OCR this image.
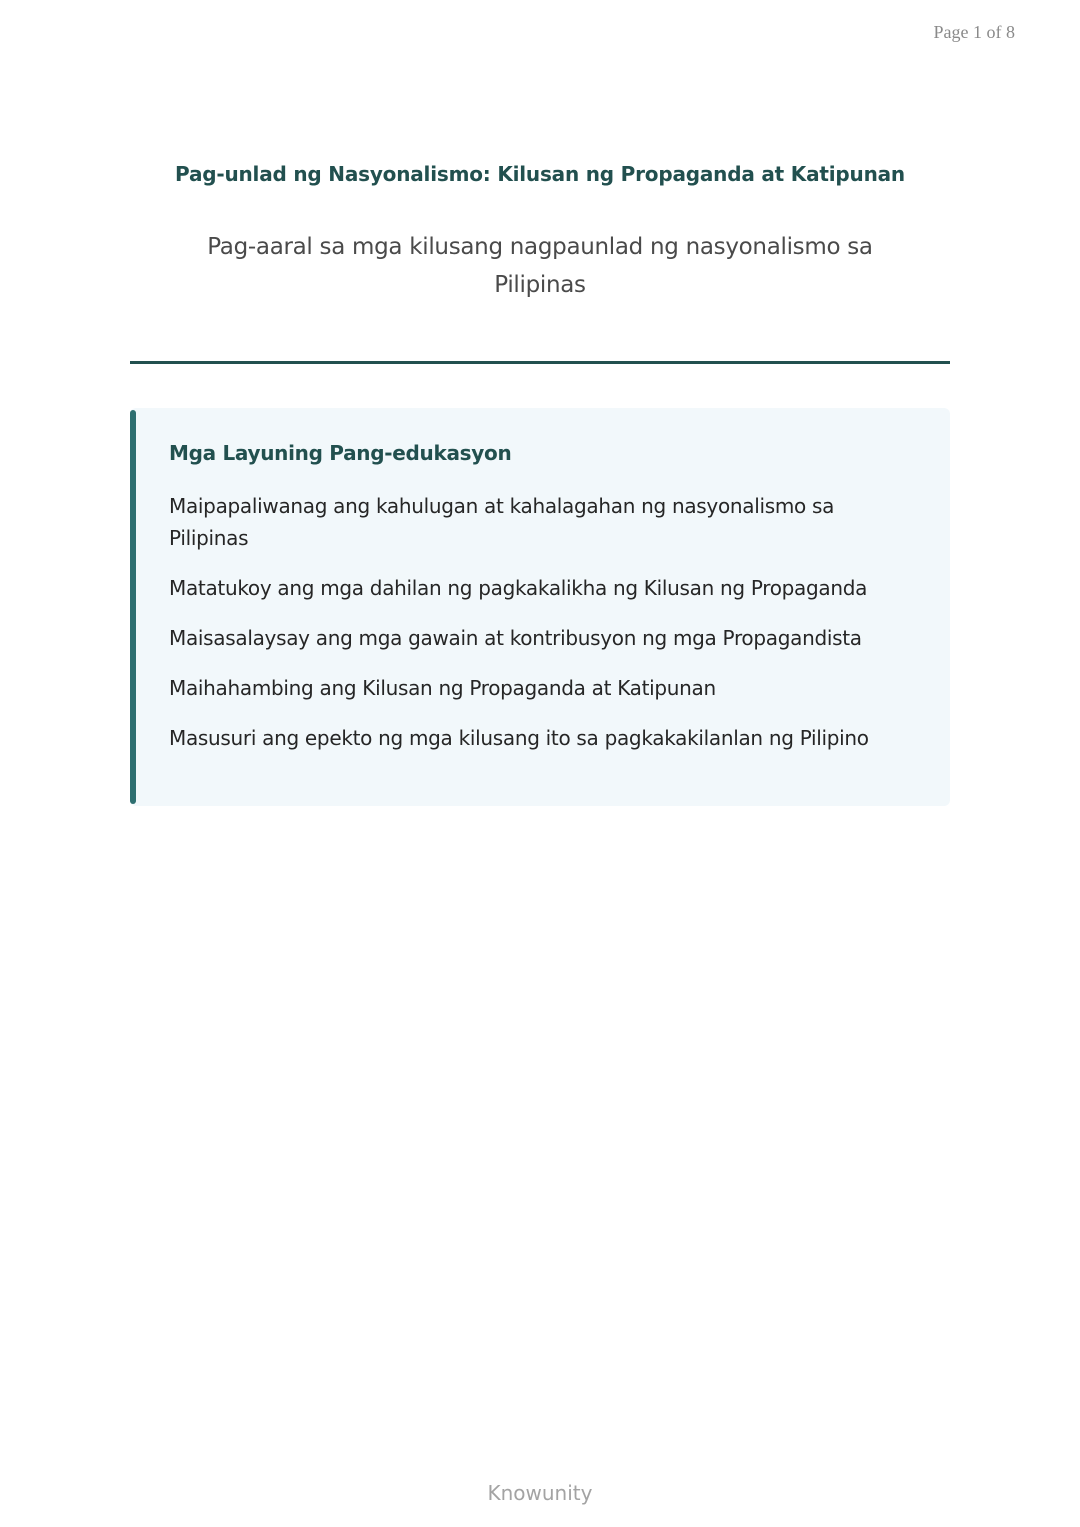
Page 1 of 8
Pag-unlad ng Nasyonalismo: Kilusan ng Propaganda at Katipunan
Pag-aaral sa mga kilusang nagpaunlad ng nasyonalismo sa Pilipinas
Mga Layuning Pang-edukasyon
Maipapaliwanag ang kahulugan at kahalagahan ng nasyonalismo sa Pilipinas
Matatukoy ang mga dahilan ng pagkakalikha ng Kilusan ng Propaganda
Maisasalaysay ang mga gawain at kontribusyon ng mga Propagandista
Maihahambing ang Kilusan ng Propaganda at Katipunan
Masusuri ang epekto ng mga kilusang ito sa pagkakakilanlan ng Pilipino
Knowunity
